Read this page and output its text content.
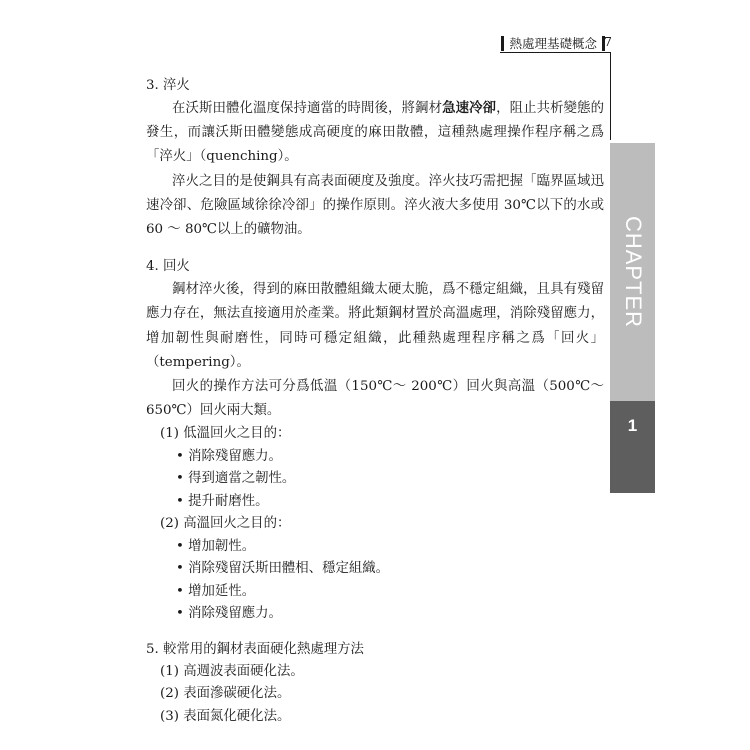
熱處理基礎概念 7
CHAPTER
1
3. 淬火

在沃斯田體化溫度保持適當的時間後，將鋼材急速冷卻，阻止共析變態的發生，而讓沃斯田體變態成高硬度的麻田散體，這種熱處理操作程序稱之爲「淬火」（quenching）。

淬火之目的是使鋼具有高表面硬度及強度。淬火技巧需把握「臨界區域迅速冷卻、危險區域徐徐冷卻」的操作原則。淬火液大多使用 30℃以下的水或 60 ～ 80℃以上的礦物油。

4. 回火

鋼材淬火後，得到的麻田散體組織太硬太脆，爲不穩定組織，且具有殘留應力存在，無法直接適用於產業。將此類鋼材置於高溫處理，消除殘留應力，增加韌性與耐磨性，同時可穩定組織，此種熱處理程序稱之爲「回火」（tempering）。

回火的操作方法可分爲低溫（150℃～ 200℃）回火與高溫（500℃～ 650℃）回火兩大類。

(1) 低溫回火之目的：
• 消除殘留應力。
• 得到適當之韌性。
• 提升耐磨性。
(2) 高溫回火之目的：
• 增加韌性。
• 消除殘留沃斯田體相、穩定組織。
• 增加延性。
• 消除殘留應力。
5. 較常用的鋼材表面硬化熱處理方法
(1) 高週波表面硬化法。
(2) 表面滲碳硬化法。
(3) 表面氮化硬化法。
